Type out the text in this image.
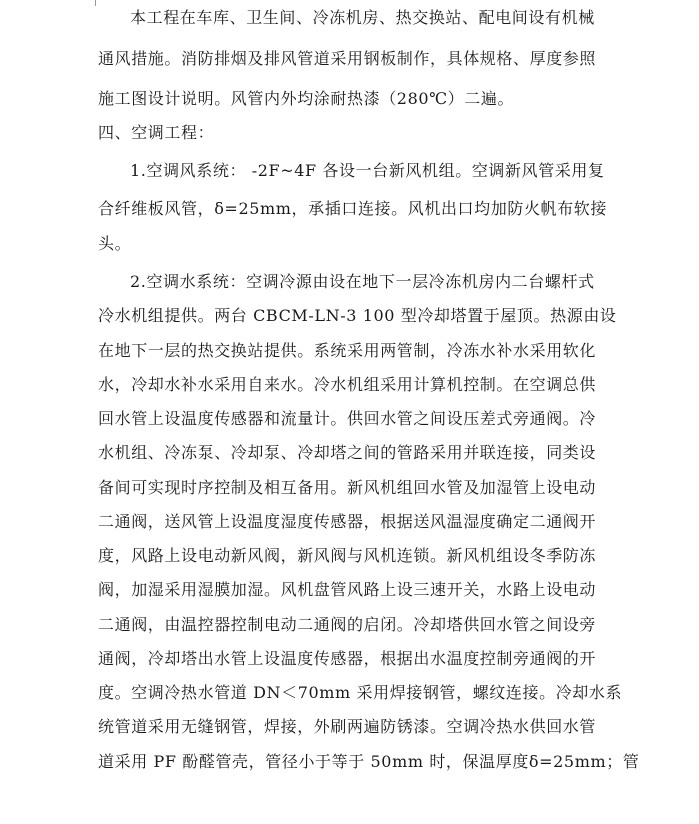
本工程在车库、卫生间、冷冻机房、热交换站、配电间设有机械
通风措施。消防排烟及排风管道采用钢板制作，具体规格、厚度参照
施工图设计说明。风管内外均涂耐热漆（280℃）二遍。
四、空调工程：
1.空调风系统： -2F~4F 各设一台新风机组。空调新风管采用复
合纤维板风管，δ=25mm，承插口连接。风机出口均加防火帆布软接
头。
2.空调水系统：空调冷源由设在地下一层冷冻机房内二台螺杆式
冷水机组提供。两台 CBCM-LN-3 100 型冷却塔置于屋顶。热源由设
在地下一层的热交换站提供。系统采用两管制，冷冻水补水采用软化
水，冷却水补水采用自来水。冷水机组采用计算机控制。在空调总供
回水管上设温度传感器和流量计。供回水管之间设压差式旁通阀。冷
水机组、冷冻泵、冷却泵、冷却塔之间的管路采用并联连接，同类设
备间可实现时序控制及相互备用。新风机组回水管及加湿管上设电动
二通阀，送风管上设温度湿度传感器，根据送风温湿度确定二通阀开
度，风路上设电动新风阀，新风阀与风机连锁。新风机组设冬季防冻
阀，加湿采用湿膜加湿。风机盘管风路上设三速开关，水路上设电动
二通阀，由温控器控制电动二通阀的启闭。冷却塔供回水管之间设旁
通阀，冷却塔出水管上设温度传感器，根据出水温度控制旁通阀的开
度。空调冷热水管道 DN＜70mm 采用焊接钢管，螺纹连接。冷却水系
统管道采用无缝钢管，焊接，外刷两遍防锈漆。空调冷热水供回水管
道采用 PF 酚醛管壳，管径小于等于 50mm 时，保温厚度δ=25mm；管
